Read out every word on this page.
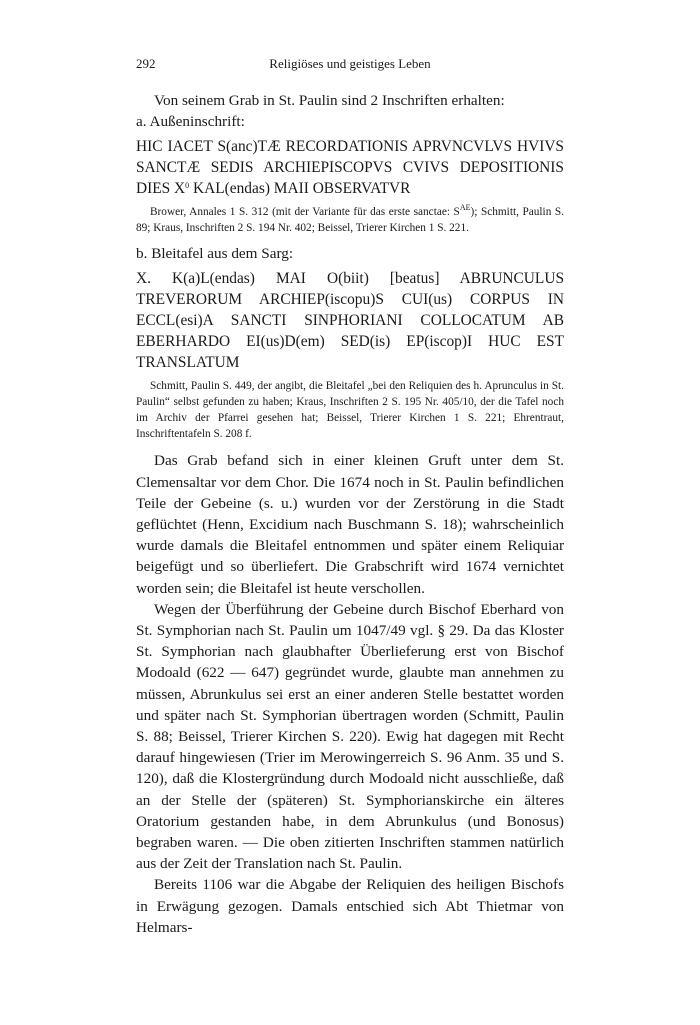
292	Religiöses und geistiges Leben

Von seinem Grab in St. Paulin sind 2 Inschriften erhalten:

a. Außeninschrift:

HIC IACET S(anc)TÆ RECORDATIONIS APRVNCVLVS HVIVS SANCTÆ SEDIS ARCHIEPISCOPVS CVIVS DEPOSITIONIS DIES $X^0$ KAL(endas) MAII OBSERVATVR

Brower, Annales 1 S. 312 (mit der Variante für das erste sanctae: $S^{AE}$); Schmitt, Paulin S. 89; Kraus, Inschriften 2 S. 194 Nr. 402; Beissel, Trierer Kirchen 1 S. 221.

b. Bleitafel aus dem Sarg:

X. K(a)L(endas) MAI O(biit) [beatus] ABRUNCULUS TREVERORUM ARCHIEP(iscopu)S CUI(us) CORPUS IN ECCL(esi)A SANCTI SINPHORIANI COLLOCATUM AB EBERHARDO EI(us)D(em) SED(is) EP(iscop)I HUC EST TRANSLATUM

Schmitt, Paulin S. 449, der angibt, die Bleitafel „bei den Reliquien des h. Aprunculus in St. Paulin“ selbst gefunden zu haben; Kraus, Inschriften 2 S. 195 Nr. 405/10, der die Tafel noch im Archiv der Pfarrei gesehen hat; Beissel, Trierer Kirchen 1 S. 221; Ehrentraut, Inschriftentafeln S. 208 f.

Das Grab befand sich in einer kleinen Gruft unter dem St. Clemensaltar vor dem Chor. Die 1674 noch in St. Paulin befindlichen Teile der Gebeine (s. u.) wurden vor der Zerstörung in die Stadt geflüchtet (Henn, Excidium nach Buschmann S. 18); wahrscheinlich wurde damals die Bleitafel entnommen und später einem Reliquiar beigefügt und so überliefert. Die Grabschrift wird 1674 vernichtet worden sein; die Bleitafel ist heute verschollen.

Wegen der Überführung der Gebeine durch Bischof Eberhard von St. Symphorian nach St. Paulin um 1047/49 vgl. § 29. Da das Kloster St. Symphorian nach glaubhafter Überlieferung erst von Bischof Modoald (622 — 647) gegründet wurde, glaubte man annehmen zu müssen, Abrunkulus sei erst an einer anderen Stelle bestattet worden und später nach St. Symphorian übertragen worden (Schmitt, Paulin S. 88; Beissel, Trierer Kirchen S. 220). Ewig hat dagegen mit Recht darauf hingewiesen (Trier im Merowingerreich S. 96 Anm. 35 und S. 120), daß die Klostergründung durch Modoald nicht ausschließe, daß an der Stelle der (späteren) St. Symphorianskirche ein älteres Oratorium gestanden habe, in dem Abrunkulus (und Bonosus) begraben waren. — Die oben zitierten Inschriften stammen natürlich aus der Zeit der Translation nach St. Paulin.

Bereits 1106 war die Abgabe der Reliquien des heiligen Bischofs in Erwägung gezogen. Damals entschied sich Abt Thietmar von Helmars-
